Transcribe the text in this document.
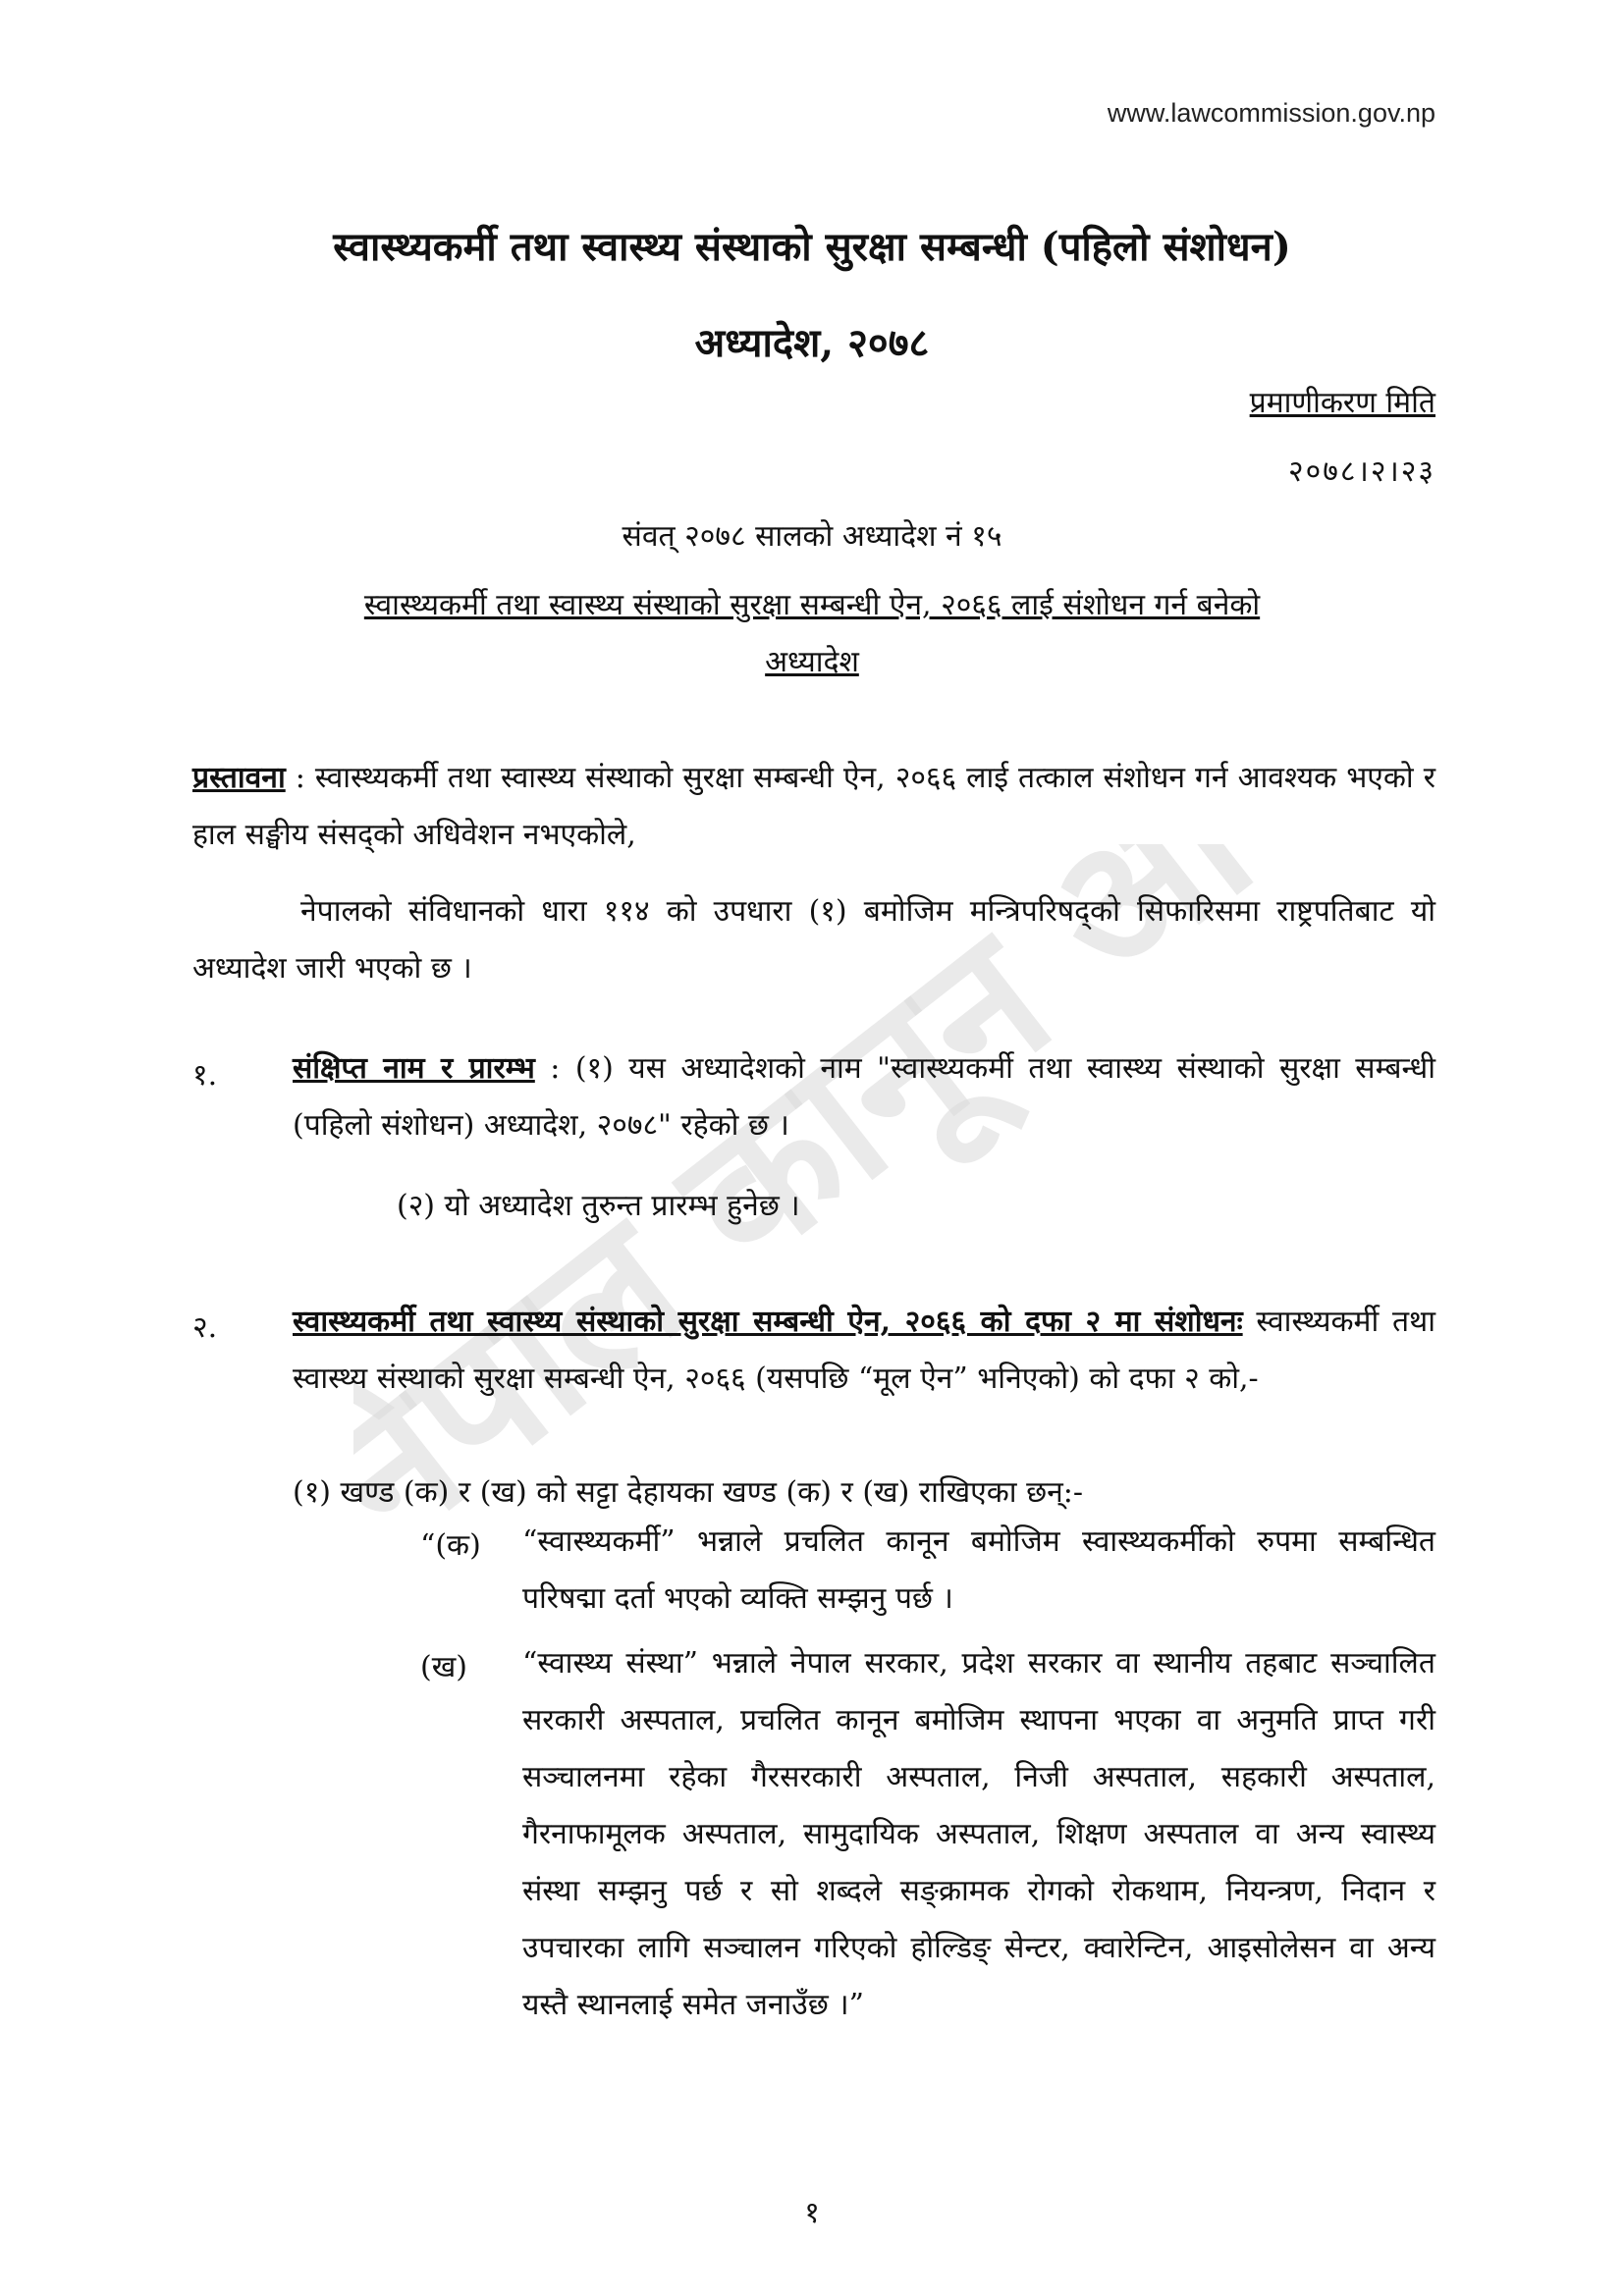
नेपाल कानून
www.lawcommission.gov.np
स्वास्थ्यकर्मी तथा स्वास्थ्य संस्थाको सुरक्षा सम्बन्धी (पहिलो संशोधन)
अध्यादेश, २०७८
प्रमाणीकरण मिति
२०७८।२।२३
संवत् २०७८ सालको अध्यादेश नं १५
स्वास्थ्यकर्मी तथा स्वास्थ्य संस्थाको सुरक्षा सम्बन्धी ऐन, २०६६ लाई संशोधन गर्न बनेको
अध्यादेश
प्रस्तावना : स्वास्थ्यकर्मी तथा स्वास्थ्य संस्थाको सुरक्षा सम्बन्धी ऐन, २०६६ लाई तत्काल संशोधन गर्न आवश्यक भएको र हाल सङ्घीय संसद्को अधिवेशन नभएकोले,
नेपालको संविधानको धारा ११४ को उपधारा (१) बमोजिम मन्त्रिपरिषद्को सिफारिसमा राष्ट्रपतिबाट यो अध्यादेश जारी भएको छ ।
१.	संक्षिप्त नाम र प्रारम्भ : (१) यस अध्यादेशको नाम "स्वास्थ्यकर्मी तथा स्वास्थ्य संस्थाको सुरक्षा सम्बन्धी (पहिलो संशोधन) अध्यादेश, २०७८" रहेको छ ।
(२) यो अध्यादेश तुरुन्त प्रारम्भ हुनेछ ।
२.	स्वास्थ्यकर्मी तथा स्वास्थ्य संस्थाको सुरक्षा सम्बन्धी ऐन, २०६६ को दफा २ मा संशोधनः स्वास्थ्यकर्मी तथा स्वास्थ्य संस्थाको सुरक्षा सम्बन्धी ऐन, २०६६ (यसपछि “मूल ऐन” भनिएको) को दफा २ को,-
(१) खण्ड (क) र (ख) को सट्टा देहायका खण्ड (क) र (ख) राखिएका छन्:-
“(क) “स्वास्थ्यकर्मी” भन्नाले प्रचलित कानून बमोजिम स्वास्थ्यकर्मीको रुपमा सम्बन्धित परिषद्मा दर्ता भएको व्यक्ति सम्झनु पर्छ ।
(ख) “स्वास्थ्य संस्था” भन्नाले नेपाल सरकार, प्रदेश सरकार वा स्थानीय तहबाट सञ्चालित सरकारी अस्पताल, प्रचलित कानून बमोजिम स्थापना भएका वा अनुमति प्राप्त गरी सञ्चालनमा रहेका गैरसरकारी अस्पताल, निजी अस्पताल, सहकारी अस्पताल, गैरनाफामूलक अस्पताल, सामुदायिक अस्पताल, शिक्षण अस्पताल वा अन्य स्वास्थ्य संस्था सम्झनु पर्छ र सो शब्दले सङ्क्रामक रोगको रोकथाम, नियन्त्रण, निदान र उपचारका लागि सञ्चालन गरिएको होल्डिङ् सेन्टर, क्वारेन्टिन, आइसोलेसन वा अन्य यस्तै स्थानलाई समेत जनाउँछ ।”
१
